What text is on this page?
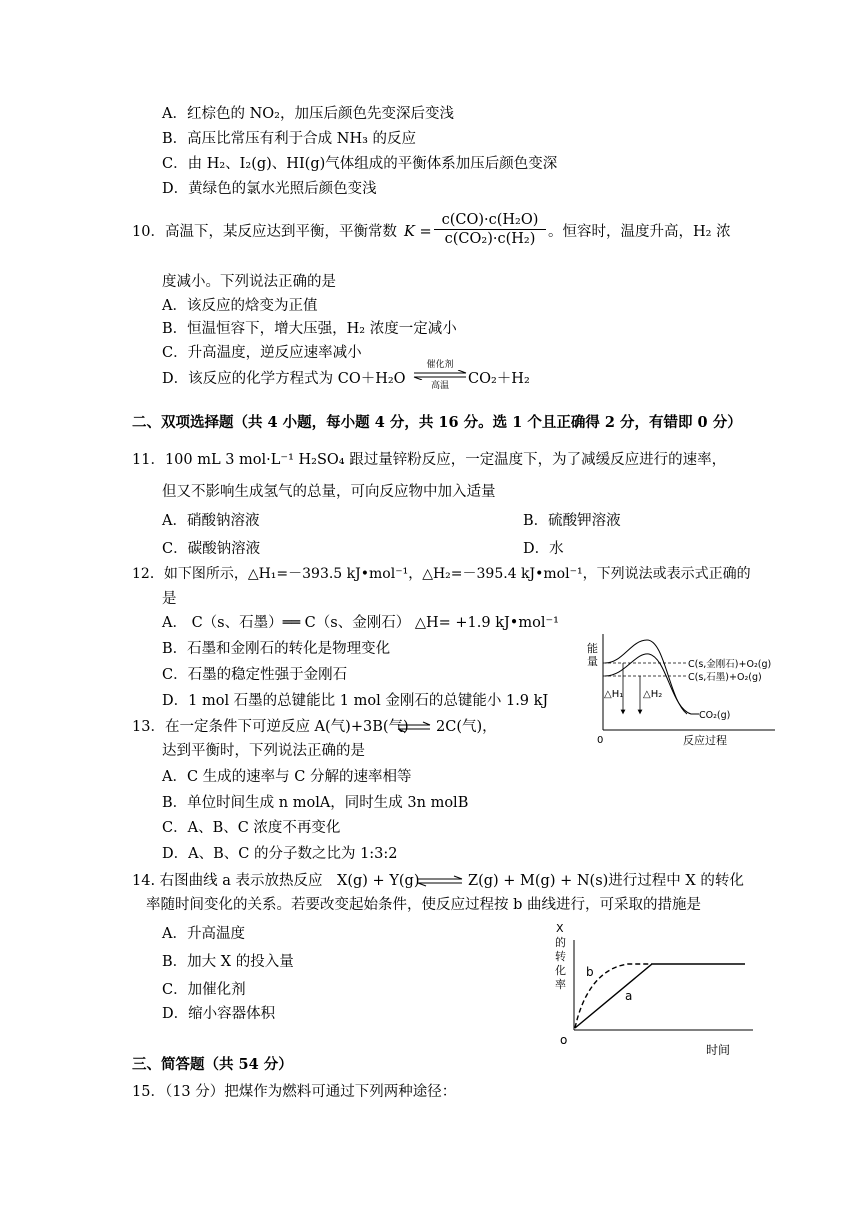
A．红棕色的 NO₂，加压后颜色先变深后变浅
B．高压比常压有利于合成 NH₃ 的反应
C．由 H₂、I₂(g)、HI(g)气体组成的平衡体系加压后颜色变深
D．黄绿色的氯水光照后颜色变浅
10．高温下，某反应达到平衡，平衡常数 $K = \frac{\text{c(CO)·c(H₂O)}}{\text{c(CO₂)·c(H₂)}}$ 。恒容时，温度升高，H₂ 浓
度减小。下列说法正确的是
A．该反应的焓变为正值
B．恒温恒容下，增大压强，H₂ 浓度一定减小
C．升高温度，逆反应速率减小
D．该反应的化学方程式为 CO＋H₂O
催化剂
高温	CO₂＋H₂
二、双项选择题（共 4 小题，每小题 4 分，共 16 分。选 1 个且正确得 2 分，有错即 0 分）
11．100 mL 3 mol·L⁻¹ H₂SO₄ 跟过量锌粉反应，一定温度下，为了减缓反应进行的速率，
但又不影响生成氢气的总量，可向反应物中加入适量
A．硝酸钠溶液	B．硫酸钾溶液
C．碳酸钠溶液	D．水
12．如下图所示，△H₁=－393.5 kJ•mol⁻¹，△H₂=－395.4 kJ•mol⁻¹，下列说法或表示式正确的
是
A． C（s、石墨）══ C（s、金刚石） △H= +1.9 kJ•mol⁻¹
B．石墨和金刚石的转化是物理变化
C．石墨的稳定性强于金刚石
D．1 mol 石墨的总键能比 1 mol 金刚石的总键能小 1.9 kJ
能
量	C(s,金刚石)+O₂(g)
C(s,石墨)+O₂(g)
CO₂(g)
△H₁ △H₂
0	反应过程
13．在一定条件下可逆反应 A(气)+3B(气) 2C(气)，
达到平衡时，下列说法正确的是
A．C 生成的速率与 C 分解的速率相等
B．单位时间生成 n molA，同时生成 3n molB
C．A、B、C 浓度不再变化
D．A、B、C 的分子数之比为 1:3:2
14. 右图曲线 a 表示放热反应　X(g) + Y(g)	Z(g) + M(g) + N(s)进行过程中 X 的转化
率随时间变化的关系。若要改变起始条件，使反应过程按 b 曲线进行，可采取的措施是
A．升高温度
B．加大 X 的投入量
C．加催化剂
D．缩小容器体积
X
的
转
化
率
b
a
o
时间
三、简答题（共 54 分）
15．（13 分）把煤作为燃料可通过下列两种途径：
